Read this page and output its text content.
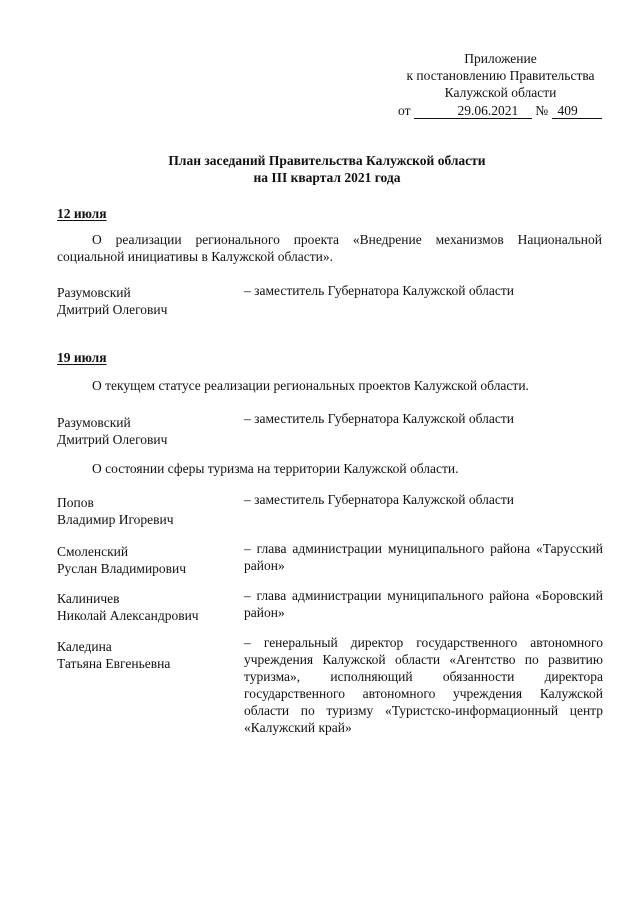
Приложение
к постановлению Правительства
Калужской области
от	29.06.2021 № 409
План заседаний Правительства Калужской области
на III квартал 2021 года
12 июля
О реализации регионального проекта «Внедрение механизмов Национальной социальной инициативы в Калужской области».
Разумовский
Дмитрий Олегович
– заместитель Губернатора Калужской области
19 июля
О текущем статусе реализации региональных проектов Калужской области.
Разумовский
Дмитрий Олегович
– заместитель Губернатора Калужской области
О состоянии сферы туризма на территории Калужской области.
Попов
Владимир Игоревич
– заместитель Губернатора Калужской области
Смоленский
Руслан Владимирович
– глава администрации муниципального района «Тарусский район»
Калиничев
Николай Александрович
– глава администрации муниципального района «Боровский район»
Каледина
Татьяна Евгеньевна
– генеральный директор государственного автономного учреждения Калужской области «Агентство по развитию туризма», исполняющий обязанности директора государственного автономного учреждения Калужской области по туризму «Туристско-информационный центр «Калужский край»
